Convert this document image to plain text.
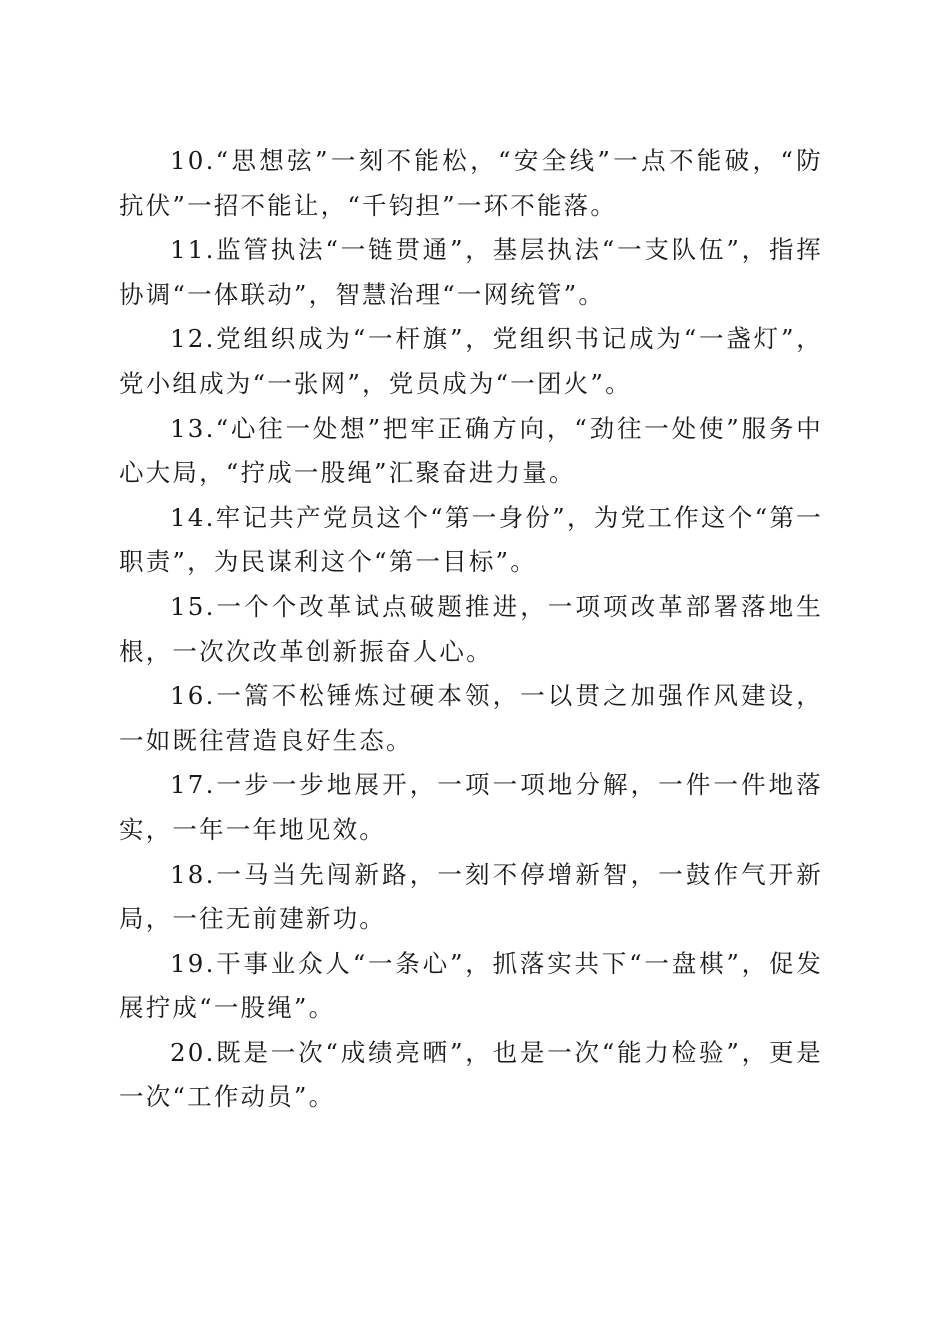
10.“思想弦”一刻不能松，“安全线”一点不能破，“防抗伏”一招不能让，“千钧担”一环不能落。

11.监管执法“一链贯通”，基层执法“一支队伍”，指挥协调“一体联动”，智慧治理“一网统管”。

12.党组织成为“一杆旗”，党组织书记成为“一盏灯”，党小组成为“一张网”，党员成为“一团火”。

13.“心往一处想”把牢正确方向，“劲往一处使”服务中心大局，“拧成一股绳”汇聚奋进力量。

14.牢记共产党员这个“第一身份”，为党工作这个“第一职责”，为民谋利这个“第一目标”。

15.一个个改革试点破题推进，一项项改革部署落地生根，一次次改革创新振奋人心。

16.一篙不松锤炼过硬本领，一以贯之加强作风建设，一如既往营造良好生态。

17.一步一步地展开，一项一项地分解，一件一件地落实，一年一年地见效。

18.一马当先闯新路，一刻不停增新智，一鼓作气开新局，一往无前建新功。

19.干事业众人“一条心”，抓落实共下“一盘棋”，促发展拧成“一股绳”。

20.既是一次“成绩亮晒”，也是一次“能力检验”，更是一次“工作动员”。
